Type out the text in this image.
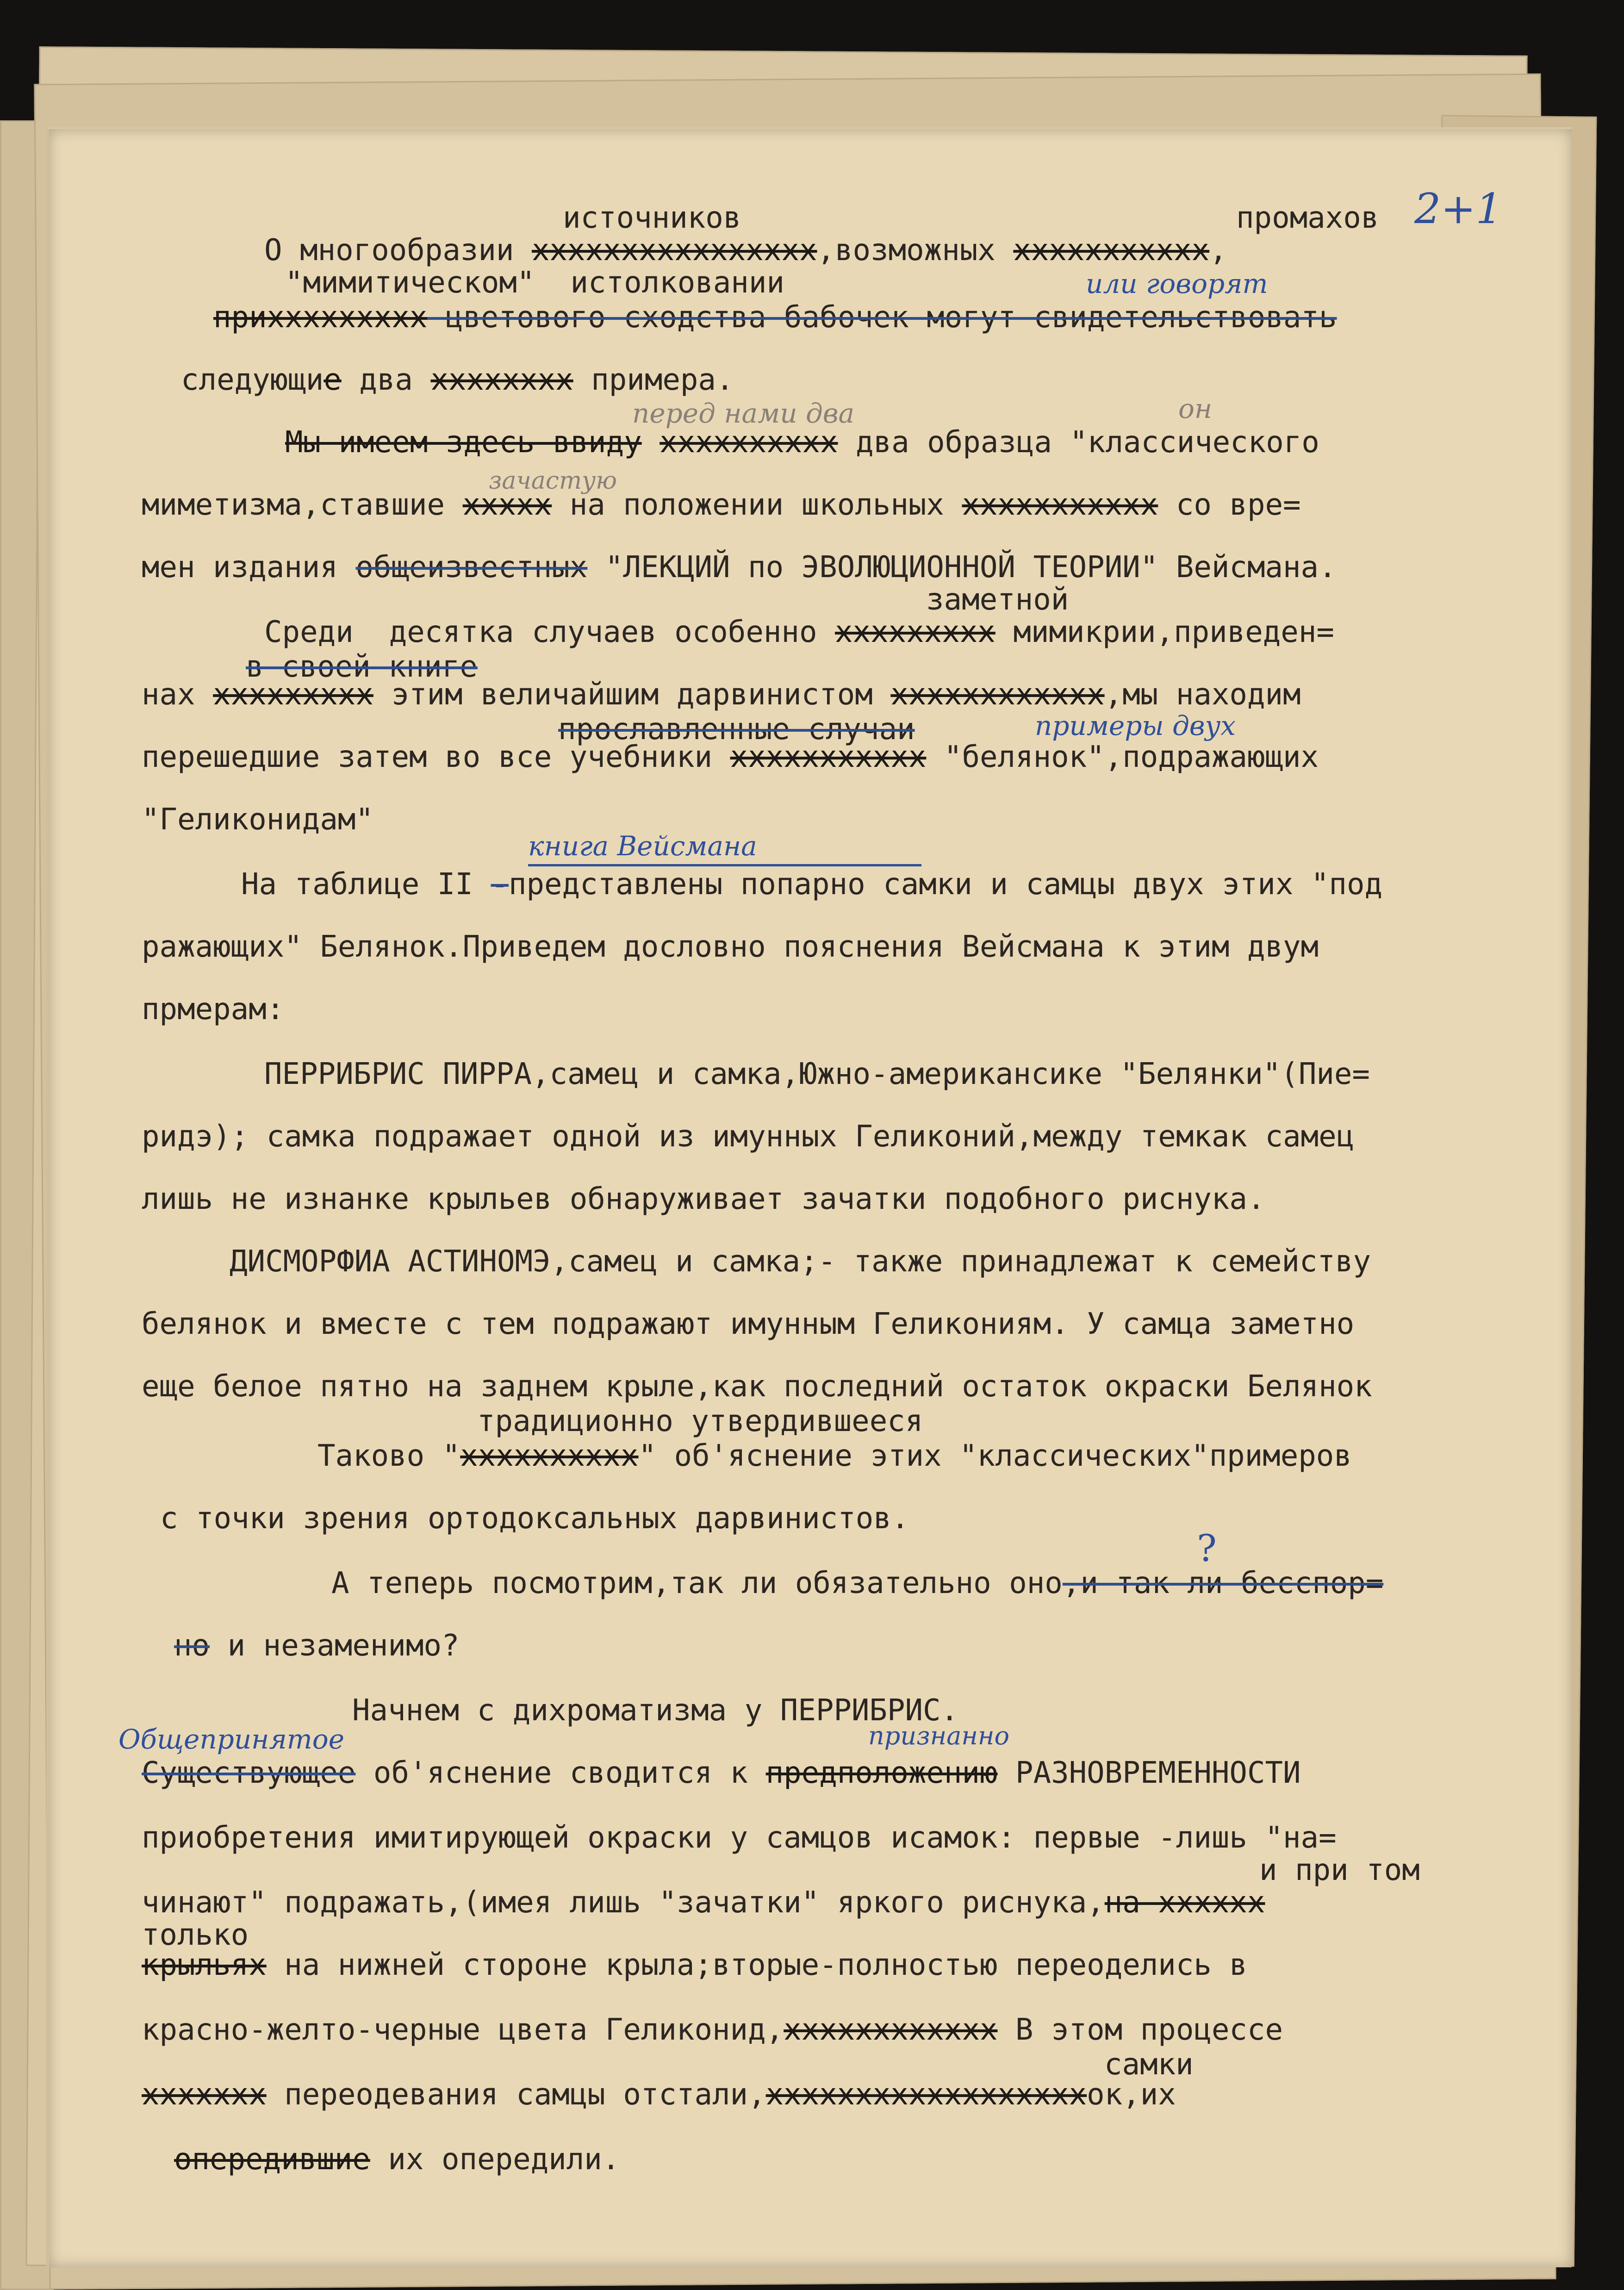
источников	промахов 2+1
О многообразии хххххххххххххххх,возможных ххххххххххх,
"мимитическом"  истолковании	или говорят
приххххххххх цветового сходства бабочек могут свидетельствовать
следующие два хххххххх примера.
перед нами два	он
Мы имеем здесь ввиду хххххххххх два образца "классического
зачастую
миметизма,ставшие ххххх на положении школьных ххххххххххх со вре=
мен издания общеизвестных "ЛЕКЦИЙ по ЭВОЛЮЦИОННОЙ ТЕОРИИ" Вейсмана.
заметной
Среди  десятка случаев особенно ххххххххх мимикрии,приведен=
в своей книге
нах ххххххххх этим величайшим дарвинистом хххххххххххх,мы находим
прославленные случаи	примеры двух
перешедшие затем во все учебники ххххххххххх "белянок",подражающих
"Геликонидам"
книга Вейсмана
На таблице II -представлены попарно самки и самцы двух этих "под
ражающих" Белянок.Приведем дословно пояснения Вейсмана к этим двум
прмерам:
ПЕРРИБРИС ПИРРА,самец и самка,Южно-американсике "Белянки"(Пие=
ридэ); самка подражает одной из имунных Геликоний,между темкак самец
лишь не изнанке крыльев обнаруживает зачатки подобного риснука.
ДИСМОРФИА АСТИНОМЭ,самец и самка;- также принадлежат к семейству
белянок и вместе с тем подражают имунным Геликониям. У самца заметно
еще белое пятно на заднем крыле,как последний остаток окраски Белянок
традиционно утвердившееся
Таково "хххххххххх" об'яснение этих "классических"примеров
с точки зрения ортодоксальных дарвинистов.
?
А теперь посмотрим,так ли обязательно оно,и так ли бесспор=
но и незаменимо?
Начнем с дихроматизма у ПЕРРИБРИС.
Общепринятое	признанно
Существующее об'яснение сводится к предположению РАЗНОВРЕМЕННОСТИ
приобретения имитирующей окраски у самцов исамок: первые -лишь "на=
и при том
чинают" подражать,(имея лишь "зачатки" яркого риснука,на хххххх
только
крыльях на нижней стороне крыла;вторые-полностью переоделись в
красно-желто-черные цвета Геликонид,хххххххххххх В этом процессе
самки
ххххххх переодевания самцы отстали,ххххххххххххххххххок,их
опередившие их опередили.
